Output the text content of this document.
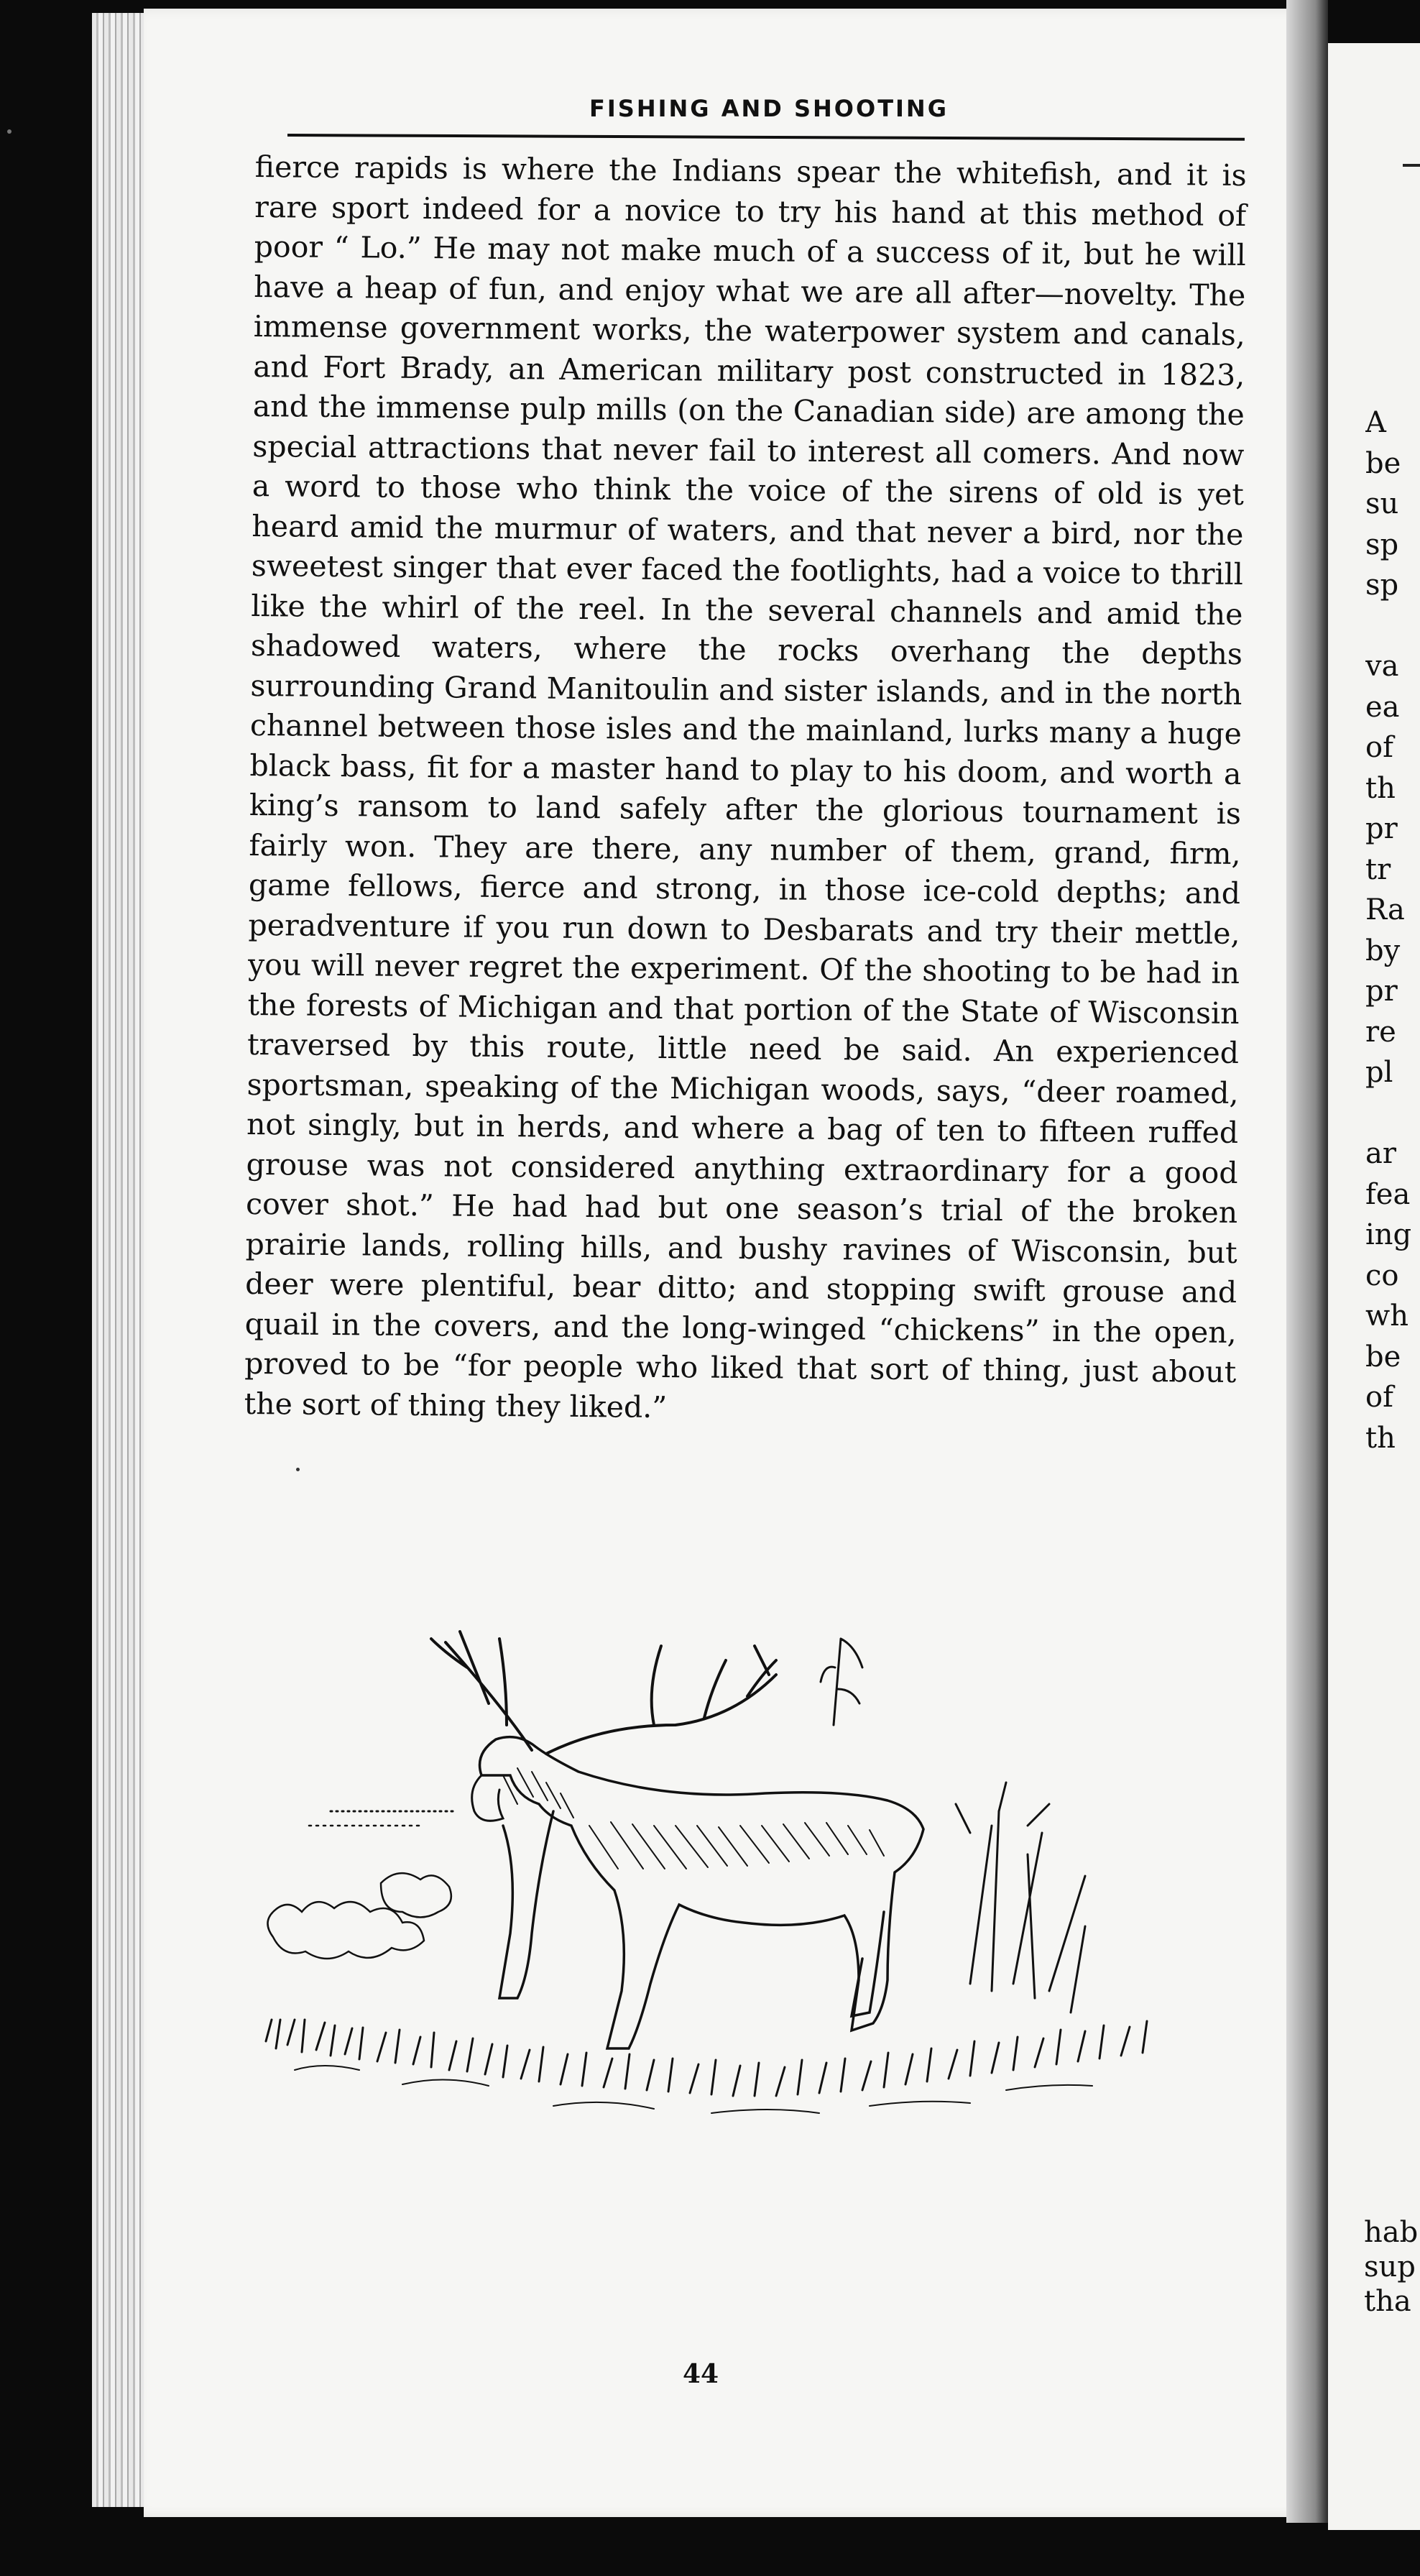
FISHING AND SHOOTING

fierce rapids is where the Indians spear the whitefish, and it is rare sport indeed for a novice to try his hand at this method of poor “ Lo.” He may not make much of a success of it, but he will have a heap of fun, and enjoy what we are all after—novelty. The immense government works, the waterpower system and canals, and Fort Brady, an American military post constructed in 1823, and the immense pulp mills (on the Canadian side) are among the special attractions that never fail to interest all comers. And now a word to those who think the voice of the sirens of old is yet heard amid the murmur of waters, and that never a bird, nor the sweetest singer that ever faced the footlights, had a voice to thrill like the whirl of the reel. In the several channels and amid the shadowed waters, where the rocks overhang the depths surrounding Grand Manitoulin and sister islands, and in the north channel between those isles and the mainland, lurks many a huge black bass, fit for a master hand to play to his doom, and worth a king’s ransom to land safely after the glorious tournament is fairly won. They are there, any number of them, grand, firm, game fellows, fierce and strong, in those ice-cold depths; and peradventure if you run down to Desbarats and try their mettle, you will never regret the experiment. Of the shooting to be had in the forests of Michigan and that portion of the State of Wisconsin traversed by this route, little need be said. An experienced sportsman, speaking of the Michigan woods, says, “deer roamed, not singly, but in herds, and where a bag of ten to fifteen ruffed grouse was not considered anything extraordinary for a good cover shot.” He had had but one season’s trial of the broken prairie lands, rolling hills, and bushy ravines of Wisconsin, but deer were plentiful, bear ditto; and stopping swift grouse and quail in the covers, and the long-winged “chickens” in the open, proved to be “for people who liked that sort of thing, just about the sort of thing they liked.”

44
A
be
su
sp
sp

va
ea
of
th
pr
tr
Ra
by
pr
re
pl

ar
fea
ing
co
wh
be
of
th
hab
sup
tha
